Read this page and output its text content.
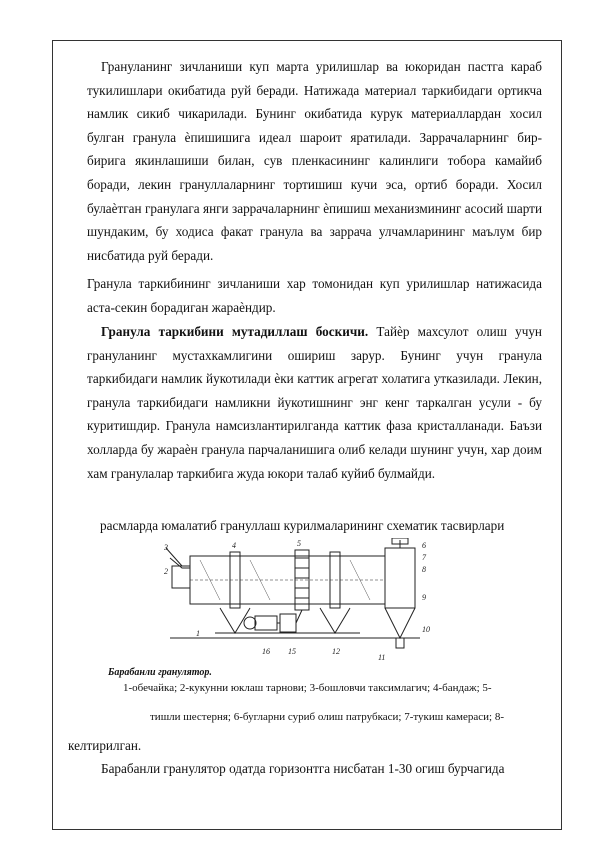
Грануланинг зичланиши куп марта урилишлар ва юкоридан пастга караб тукилишлари окибатида руй беради. Натижада материал таркибидаги ортикча намлик сикиб чикарилади. Бунинг окибатида курук материаллардан хосил булган гранула ѐпишишига идеал шароит яратилади. Заррачаларнинг бир-бирига якинлашиши билан, сув пленкасининг калинлиги тобора камайиб боради, лекин грануллаларнинг тортишиш кучи эса, ортиб боради. Хосил булаѐтган гранулага янги заррачаларнинг ѐпишиш механизмининг асосий шарти шундаким, бу ходиса факат гранула ва заррача улчамларининг маълум бир нисбатида руй беради.

Гранула таркибининг зичланиши хар томонидан куп урилишлар натижасида аста-секин борадиган жараѐндир.

Гранула таркибини мутадиллаш боскичи. Тайѐр махсулот олиш учун грануланинг мустахкамлигини ошириш зарур. Бунинг учун гранула таркибидаги намлик йукотилади ѐки каттик агрегат холатига утказилади. Лекин, гранула таркибидаги намликни йукотишнинг энг кенг таркалган усули - бу куритишдир. Гранула намсизлантирилганда каттик фаза кристалланади. Баъзи холларда бу жараѐн гранула парчаланишига олиб келади шунинг учун, хар доим хам гранулалар таркибига жуда юкори талаб куйиб булмайди.

расмларда юмалатиб грануллаш курилмаларининг схематик тасвирлари

3
2
1
4	5	6
7
8
9
10
11
12
15
16
Барабанли гранулятор.
1-обечайка; 2-кукунни юклаш тарнови; 3-бошловчи таксимлагич; 4-бандаж; 5-
тишли шестерня; 6-бугларни суриб олиш патрубкаси; 7-тукиш камераси; 8-

келтирилган.

Барабанли гранулятор одатда горизонтга нисбатан 1-30 огиш бурчагида
